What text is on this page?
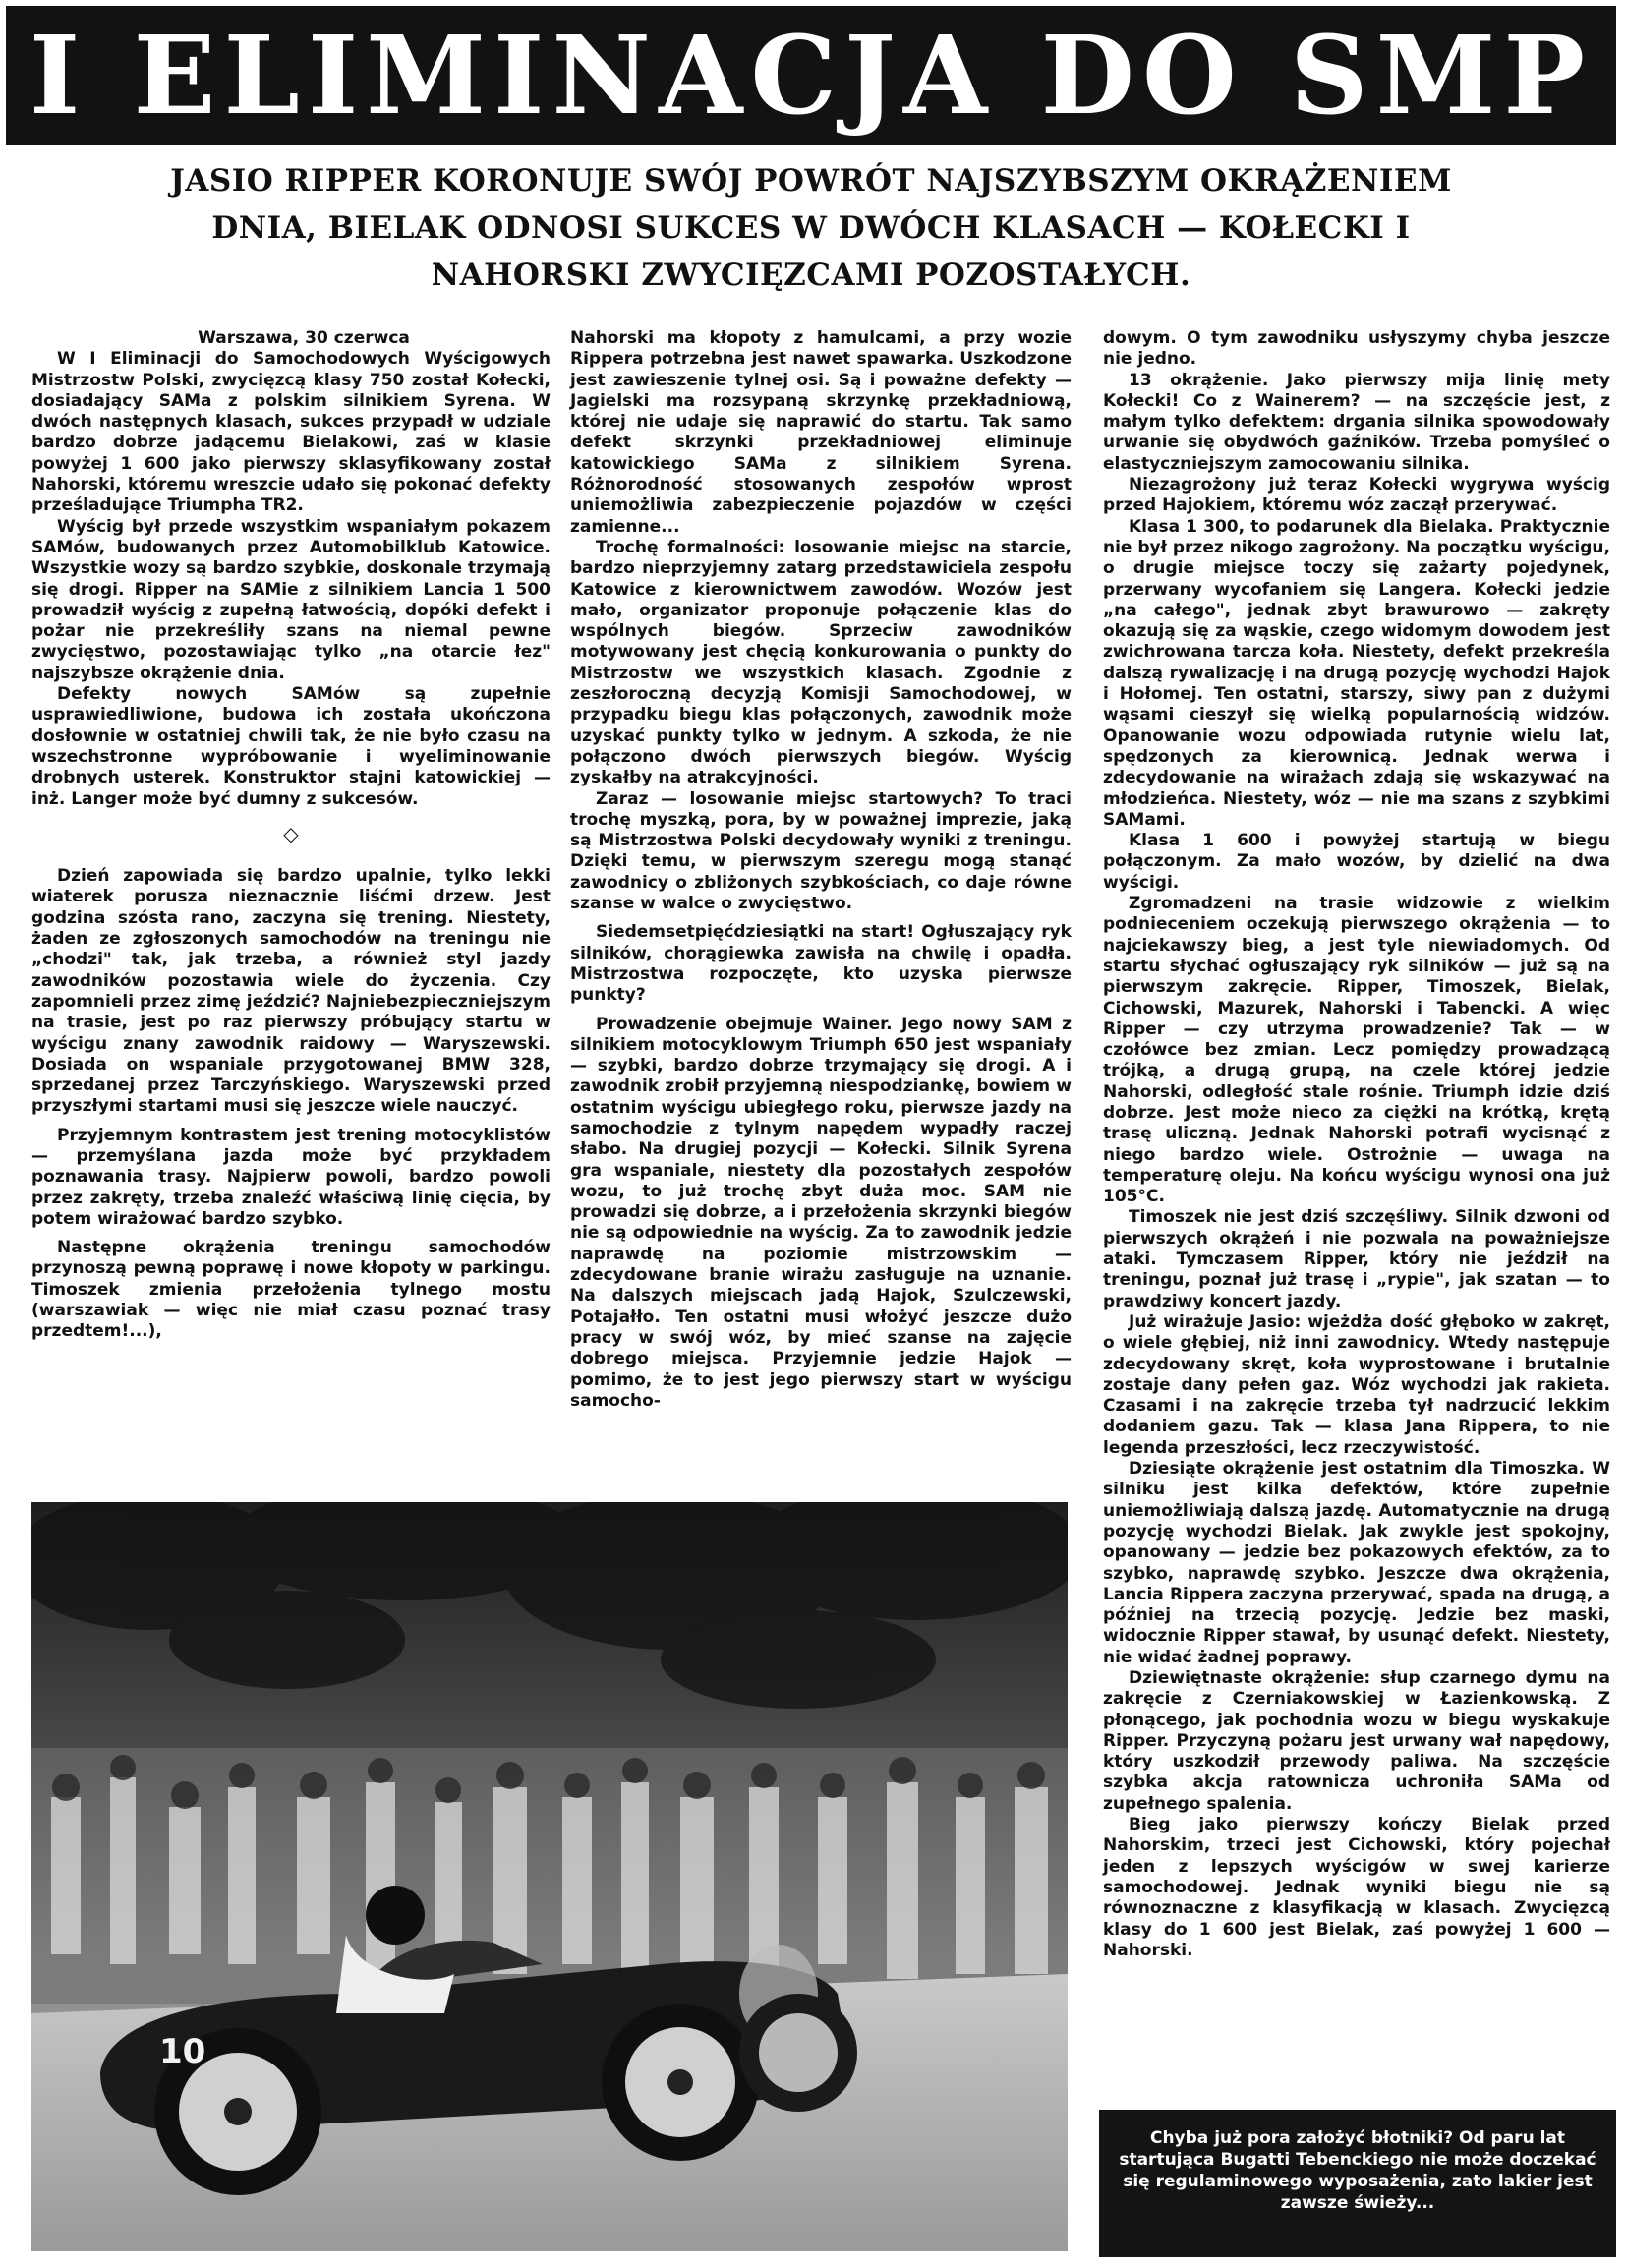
I ELIMINACJA DO SMP
JASIO RIPPER KORONUJE SWÓJ POWRÓT NAJSZYBSZYM OKRĄŻENIEM DNIA, BIELAK ODNOSI SUKCES W DWÓCH KLASACH — KOŁECKI I NAHORSKI ZWYCIĘZCAMI POZOSTAŁYCH.

Warszawa, 30 czerwca

W I Eliminacji do Samochodowych Wyścigowych Mistrzostw Polski, zwycięzcą klasy 750 został Kołecki, dosiadający SAMa z polskim silnikiem Syrena. W dwóch następnych klasach, sukces przypadł w udziale bardzo dobrze jadącemu Bielakowi, zaś w klasie powyżej 1 600 jako pierwszy sklasyfikowany został Nahorski, któremu wreszcie udało się pokonać defekty prześladujące Triumpha TR2.

Wyścig był przede wszystkim wspaniałym pokazem SAMów, budowanych przez Automobilklub Katowice. Wszystkie wozy są bardzo szybkie, doskonale trzymają się drogi. Ripper na SAMie z silnikiem Lancia 1 500 prowadził wyścig z zupełną łatwością, dopóki defekt i pożar nie przekreśliły szans na niemal pewne zwycięstwo, pozostawiając tylko „na otarcie łez" najszybsze okrążenie dnia.

Defekty nowych SAMów są zupełnie usprawiedliwione, budowa ich została ukończona dosłownie w ostatniej chwili tak, że nie było czasu na wszechstronne wypróbowanie i wyeliminowanie drobnych usterek. Konstruktor stajni katowickiej — inż. Langer może być dumny z sukcesów.

◇

Dzień zapowiada się bardzo upalnie, tylko lekki wiaterek porusza nieznacznie liśćmi drzew. Jest godzina szósta rano, zaczyna się trening. Niestety, żaden ze zgłoszonych samochodów na treningu nie „chodzi" tak, jak trzeba, a również styl jazdy zawodników pozostawia wiele do życzenia. Czy zapomnieli przez zimę jeździć? Najniebezpieczniejszym na trasie, jest po raz pierwszy próbujący startu w wyścigu znany zawodnik raidowy — Waryszewski. Dosiada on wspaniale przygotowanej BMW 328, sprzedanej przez Tarczyńskiego. Waryszewski przed przyszłymi startami musi się jeszcze wiele nauczyć.

Przyjemnym kontrastem jest trening motocyklistów — przemyślana jazda może być przykładem poznawania trasy. Najpierw powoli, bardzo powoli przez zakręty, trzeba znaleźć właściwą linię cięcia, by potem wirażować bardzo szybko.

Następne okrążenia treningu samochodów przynoszą pewną poprawę i nowe kłopoty w parkingu. Timoszek zmienia przełożenia tylnego mostu (warszawiak — więc nie miał czasu poznać trasy przedtem!...),

Nahorski ma kłopoty z hamulcami, a przy wozie Rippera potrzebna jest nawet spawarka. Uszkodzone jest zawieszenie tylnej osi. Są i poważne defekty — Jagielski ma rozsypaną skrzynkę przekładniową, której nie udaje się naprawić do startu. Tak samo defekt skrzynki przekładniowej eliminuje katowickiego SAMa z silnikiem Syrena. Różnorodność stosowanych zespołów wprost uniemożliwia zabezpieczenie pojazdów w części zamienne...

Trochę formalności: losowanie miejsc na starcie, bardzo nieprzyjemny zatarg przedstawiciela zespołu Katowice z kierownictwem zawodów. Wozów jest mało, organizator proponuje połączenie klas do wspólnych biegów. Sprzeciw zawodników motywowany jest chęcią konkurowania o punkty do Mistrzostw we wszystkich klasach. Zgodnie z zeszłoroczną decyzją Komisji Samochodowej, w przypadku biegu klas połączonych, zawodnik może uzyskać punkty tylko w jednym. A szkoda, że nie połączono dwóch pierwszych biegów. Wyścig zyskałby na atrakcyjności.

Zaraz — losowanie miejsc startowych? To traci trochę myszką, pora, by w poważnej imprezie, jaką są Mistrzostwa Polski decydowały wyniki z treningu. Dzięki temu, w pierwszym szeregu mogą stanąć zawodnicy o zbliżonych szybkościach, co daje równe szanse w walce o zwycięstwo.

Siedemsetpięćdziesiątki na start! Ogłuszający ryk silników, chorągiewka zawisła na chwilę i opadła. Mistrzostwa rozpoczęte, kto uzyska pierwsze punkty?

Prowadzenie obejmuje Wainer. Jego nowy SAM z silnikiem motocyklowym Triumph 650 jest wspaniały — szybki, bardzo dobrze trzymający się drogi. A i zawodnik zrobił przyjemną niespodziankę, bowiem w ostatnim wyścigu ubiegłego roku, pierwsze jazdy na samochodzie z tylnym napędem wypadły raczej słabo. Na drugiej pozycji — Kołecki. Silnik Syrena gra wspaniale, niestety dla pozostałych zespołów wozu, to już trochę zbyt duża moc. SAM nie prowadzi się dobrze, a i przełożenia skrzynki biegów nie są odpowiednie na wyścig. Za to zawodnik jedzie naprawdę na poziomie mistrzowskim — zdecydowane branie wirażu zasługuje na uznanie. Na dalszych miejscach jadą Hajok, Szulczewski, Potajałło. Ten ostatni musi włożyć jeszcze dużo pracy w swój wóz, by mieć szanse na zajęcie dobrego miejsca. Przyjemnie jedzie Hajok — pomimo, że to jest jego pierwszy start w wyścigu samocho-

dowym. O tym zawodniku usłyszymy chyba jeszcze nie jedno.

13 okrążenie. Jako pierwszy mija linię mety Kołecki! Co z Wainerem? — na szczęście jest, z małym tylko defektem: drgania silnika spowodowały urwanie się obydwóch gaźników. Trzeba pomyśleć o elastyczniejszym zamocowaniu silnika.

Niezagrożony już teraz Kołecki wygrywa wyścig przed Hajokiem, któremu wóz zaczął przerywać.

Klasa 1 300, to podarunek dla Bielaka. Praktycznie nie był przez nikogo zagrożony. Na początku wyścigu, o drugie miejsce toczy się zażarty pojedynek, przerwany wycofaniem się Langera. Kołecki jedzie „na całego", jednak zbyt brawurowo — zakręty okazują się za wąskie, czego widomym dowodem jest zwichrowana tarcza koła. Niestety, defekt przekreśla dalszą rywalizację i na drugą pozycję wychodzi Hajok i Hołomej. Ten ostatni, starszy, siwy pan z dużymi wąsami cieszył się wielką popularnością widzów. Opanowanie wozu odpowiada rutynie wielu lat, spędzonych za kierownicą. Jednak werwa i zdecydowanie na wirażach zdają się wskazywać na młodzieńca. Niestety, wóz — nie ma szans z szybkimi SAMami.

Klasa 1 600 i powyżej startują w biegu połączonym. Za mało wozów, by dzielić na dwa wyścigi.

Zgromadzeni na trasie widzowie z wielkim podnieceniem oczekują pierwszego okrążenia — to najciekawszy bieg, a jest tyle niewiadomych. Od startu słychać ogłuszający ryk silników — już są na pierwszym zakręcie. Ripper, Timoszek, Bielak, Cichowski, Mazurek, Nahorski i Tabencki. A więc Ripper — czy utrzyma prowadzenie? Tak — w czołówce bez zmian. Lecz pomiędzy prowadzącą trójką, a drugą grupą, na czele której jedzie Nahorski, odległość stale rośnie. Triumph idzie dziś dobrze. Jest może nieco za ciężki na krótką, krętą trasę uliczną. Jednak Nahorski potrafi wycisnąć z niego bardzo wiele. Ostrożnie — uwaga na temperaturę oleju. Na końcu wyścigu wynosi ona już 105°C.

Timoszek nie jest dziś szczęśliwy. Silnik dzwoni od pierwszych okrążeń i nie pozwala na poważniejsze ataki. Tymczasem Ripper, który nie jeździł na treningu, poznał już trasę i „rypie", jak szatan — to prawdziwy koncert jazdy.

Już wirażuje Jasio: wjeżdża dość głęboko w zakręt, o wiele głębiej, niż inni zawodnicy. Wtedy następuje zdecydowany skręt, koła wyprostowane i brutalnie zostaje dany pełen gaz. Wóz wychodzi jak rakieta. Czasami i na zakręcie trzeba tył nadrzucić lekkim dodaniem gazu. Tak — klasa Jana Rippera, to nie legenda przeszłości, lecz rzeczywistość.

Dziesiąte okrążenie jest ostatnim dla Timoszka. W silniku jest kilka defektów, które zupełnie uniemożliwiają dalszą jazdę. Automatycznie na drugą pozycję wychodzi Bielak. Jak zwykle jest spokojny, opanowany — jedzie bez pokazowych efektów, za to szybko, naprawdę szybko. Jeszcze dwa okrążenia, Lancia Rippera zaczyna przerywać, spada na drugą, a później na trzecią pozycję. Jedzie bez maski, widocznie Ripper stawał, by usunąć defekt. Niestety, nie widać żadnej poprawy.

Dziewiętnaste okrążenie: słup czarnego dymu na zakręcie z Czerniakowskiej w Łazienkowską. Z płonącego, jak pochodnia wozu w biegu wyskakuje Ripper. Przyczyną pożaru jest urwany wał napędowy, który uszkodził przewody paliwa. Na szczęście szybka akcja ratownicza uchroniła SAMa od zupełnego spalenia.

Bieg jako pierwszy kończy Bielak przed Nahorskim, trzeci jest Cichowski, który pojechał jeden z lepszych wyścigów w swej karierze samochodowej. Jednak wyniki biegu nie są równoznaczne z klasyfikacją w klasach. Zwycięzcą klasy do 1 600 jest Bielak, zaś powyżej 1 600 — Nahorski.

10
Chyba już pora założyć błotniki? Od paru lat startująca Bugatti Tebenckiego nie może doczekać się regulaminowego wyposażenia, zato lakier jest zawsze świeży...
